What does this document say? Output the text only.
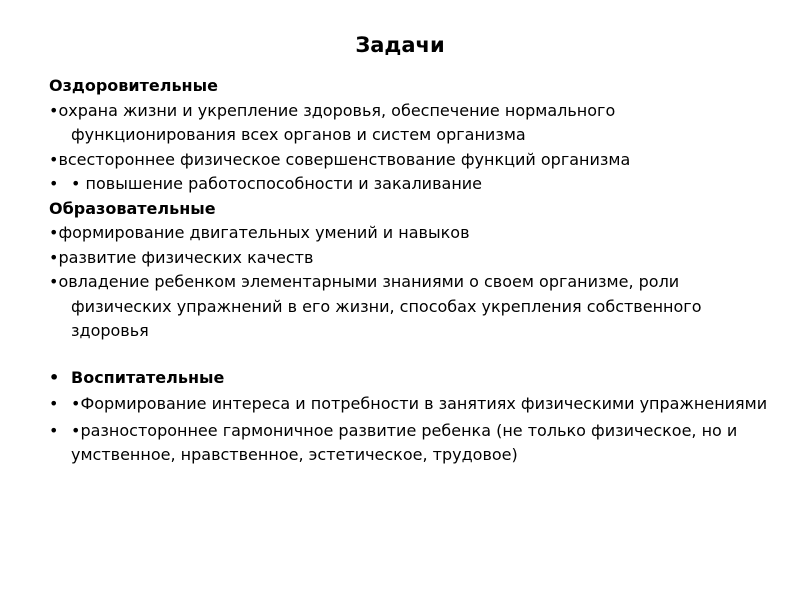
Задачи

Оздоровительные

•охрана жизни и укрепление здоровья, обеспечение нормального функционирования всех органов и систем организма

•всестороннее физическое совершенствование функций организма

• • повышение работоспособности и закаливание

Образовательные

•формирование двигательных умений и навыков

•развитие физических качеств

•овладение ребенком элементарными знаниями о своем организме, роли физических упражнений в его жизни, способах укрепления собственного здоровья

• Воспитательные
• •Формирование интереса и потребности в занятиях физическими упражнениями
• •разностороннее гармоничное развитие ребенка (не только физическое, но и умственное, нравственное, эстетическое, трудовое)
